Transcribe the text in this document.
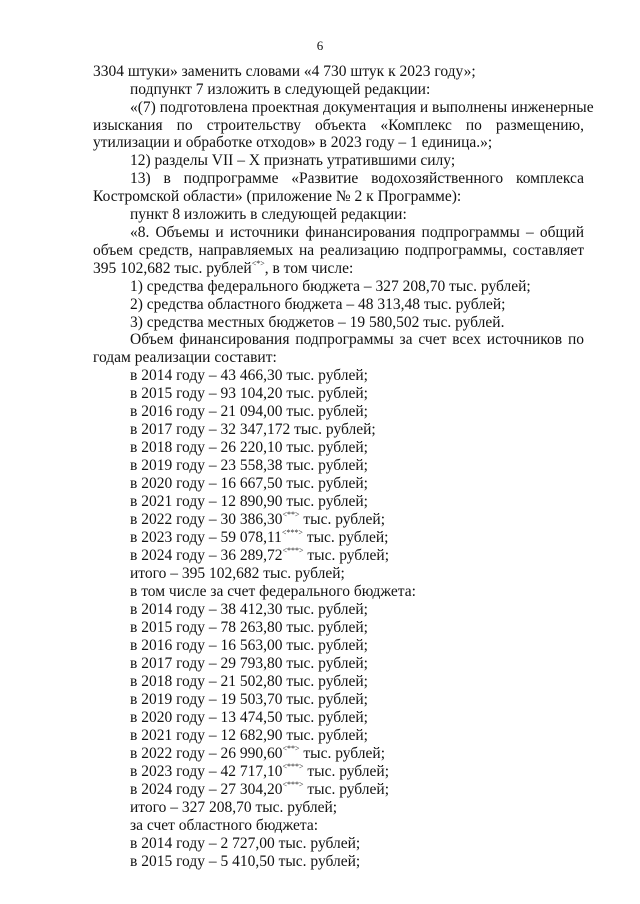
6
3304 штуки» заменить словами «4 730 штук к 2023 году»;
подпункт 7 изложить в следующей редакции:
«(7) подготовлена проектная документация и выполнены инженерные
изыскания по строительству объекта «Комплекс по размещению,
утилизации и обработке отходов» в 2023 году – 1 единица.»;
12) разделы VII – X признать утратившими силу;
13) в подпрограмме «Развитие водохозяйственного комплекса
Костромской области» (приложение № 2 к Программе):
пункт 8 изложить в следующей редакции:
«8. Объемы и источники финансирования подпрограммы – общий
объем средств, направляемых на реализацию подпрограммы, составляет
395 102,682 тыс. рублей<*>, в том числе:
1) средства федерального бюджета – 327 208,70 тыс. рублей;
2) средства областного бюджета – 48 313,48 тыс. рублей;
3) средства местных бюджетов – 19 580,502 тыс. рублей.
Объем финансирования подпрограммы за счет всех источников по
годам реализации составит:
в 2014 году – 43 466,30 тыс. рублей;
в 2015 году – 93 104,20 тыс. рублей;
в 2016 году – 21 094,00 тыс. рублей;
в 2017 году – 32 347,172 тыс. рублей;
в 2018 году – 26 220,10 тыс. рублей;
в 2019 году – 23 558,38 тыс. рублей;
в 2020 году – 16 667,50 тыс. рублей;
в 2021 году – 12 890,90 тыс. рублей;
в 2022 году – 30 386,30<**> тыс. рублей;
в 2023 году – 59 078,11<***> тыс. рублей;
в 2024 году – 36 289,72<***> тыс. рублей;
итого – 395 102,682 тыс. рублей;
в том числе за счет федерального бюджета:
в 2014 году – 38 412,30 тыс. рублей;
в 2015 году – 78 263,80 тыс. рублей;
в 2016 году – 16 563,00 тыс. рублей;
в 2017 году – 29 793,80 тыс. рублей;
в 2018 году – 21 502,80 тыс. рублей;
в 2019 году – 19 503,70 тыс. рублей;
в 2020 году – 13 474,50 тыс. рублей;
в 2021 году – 12 682,90 тыс. рублей;
в 2022 году – 26 990,60<**> тыс. рублей;
в 2023 году – 42 717,10<***> тыс. рублей;
в 2024 году – 27 304,20<***> тыс. рублей;
итого – 327 208,70 тыс. рублей;
за счет областного бюджета:
в 2014 году – 2 727,00 тыс. рублей;
в 2015 году – 5 410,50 тыс. рублей;
